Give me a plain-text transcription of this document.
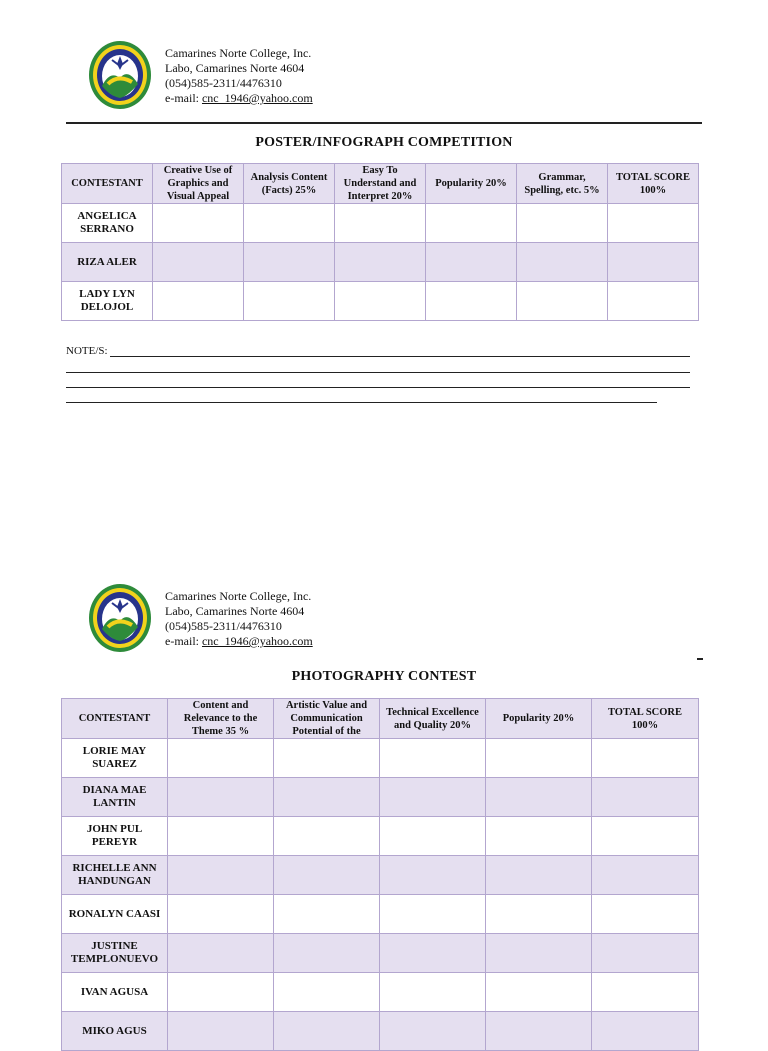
Camarines Norte College, Inc.
Labo, Camarines Norte 4604
(054)585-2311/4476310
e-mail: cnc_1946@yahoo.com
POSTER/INFOGRAPH COMPETITION
CONTESTANT	Creative Use of Graphics and Visual Appeal	Analysis Content (Facts) 25%	Easy To Understand and Interpret 20%	Popularity 20%	Grammar, Spelling, etc. 5%	TOTAL SCORE 100%
ANGELICA SERRANO						
RIZA ALER						
LADY LYN DELOJOL						
NOTE/S:
Camarines Norte College, Inc.
Labo, Camarines Norte 4604
(054)585-2311/4476310
e-mail: cnc_1946@yahoo.com
PHOTOGRAPHY CONTEST
CONTESTANT	Content and Relevance to the Theme 35 %	Artistic Value and Communication Potential of the	Technical Excellence and Quality 20%	Popularity 20%	TOTAL SCORE 100%
LORIE MAY SUAREZ					
DIANA MAE LANTIN					
JOHN PUL PEREYR					
RICHELLE ANN HANDUNGAN					
RONALYN CAASI					
JUSTINE TEMPLONUEVO					
IVAN AGUSA					
MIKO AGUS					
